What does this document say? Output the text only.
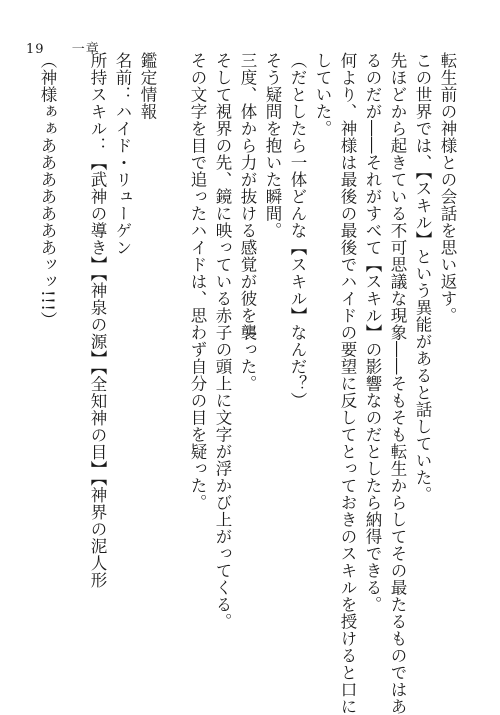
19 一章
転生前の神様との会話を思い返す。
この世界では、【スキル】という異能があると話していた。
先ほどから起きている不可思議な現象――そもそも転生からしてその最たるものではあ
るのだが――それがすべて【スキル】の影響なのだとしたら納得できる。
何より、神様は最後の最後でハイドの要望に反してとっておきのスキルを授けると口に
していた。
（だとしたら一体どんな【スキル】なんだ？）
そう疑問を抱いた瞬間。
三度、体から力が抜ける感覚が彼を襲った。
そして視界の先、鏡に映っている赤子の頭上に文字が浮かび上がってくる。
その文字を目で追ったハイドは、思わず自分の目を疑った。
鑑定情報
名前：ハイド・リューゲン
所持スキル：【武神の導き】【神泉の源】【全知神の目】【神界の泥人形
（神様ぁぁあああああああッッ!!!）
